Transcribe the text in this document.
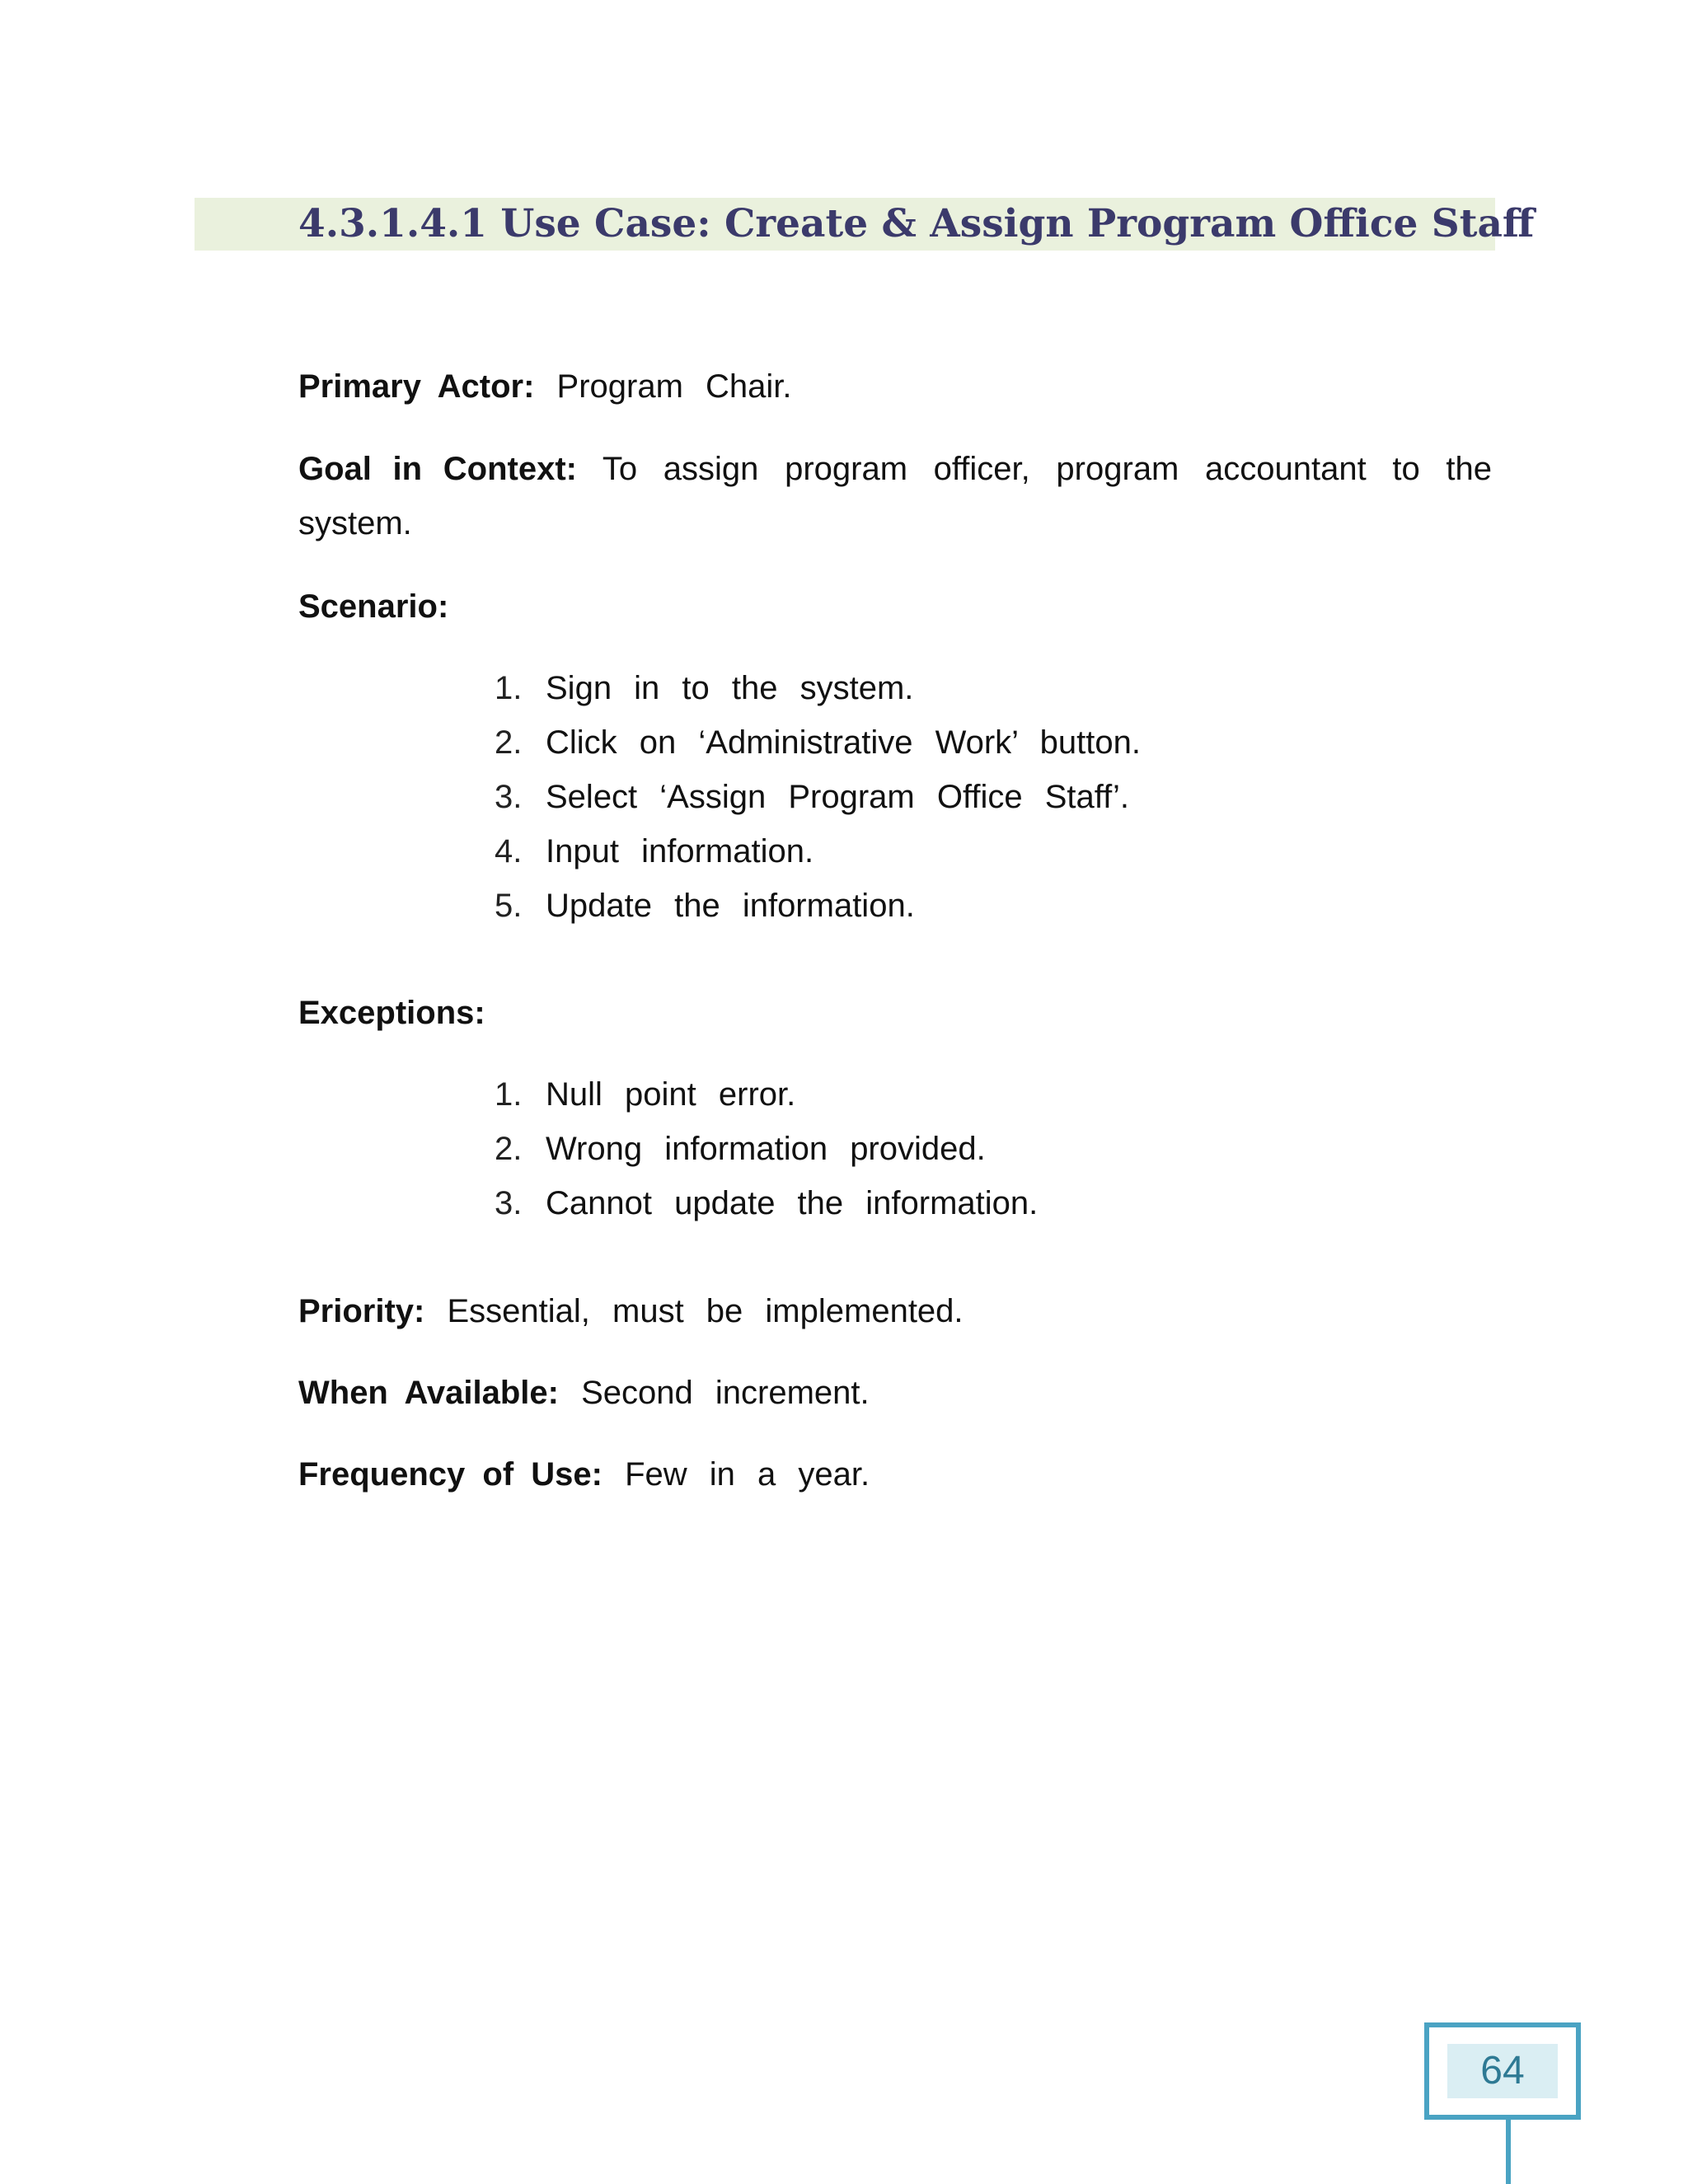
4.3.1.4.1 Use Case: Create & Assign Program Office Staff
Primary Actor: Program Chair.
Goal in Context: To assign program officer, program accountant to the system.
Scenario:
1. Sign in to the system.
2. Click on ‘Administrative Work’ button.
3. Select ‘Assign Program Office Staff’.
4. Input information.
5. Update the information.
Exceptions:
1. Null point error.
2. Wrong information provided.
3. Cannot update the information.
Priority: Essential, must be implemented.
When Available: Second increment.
Frequency of Use: Few in a year.
64
